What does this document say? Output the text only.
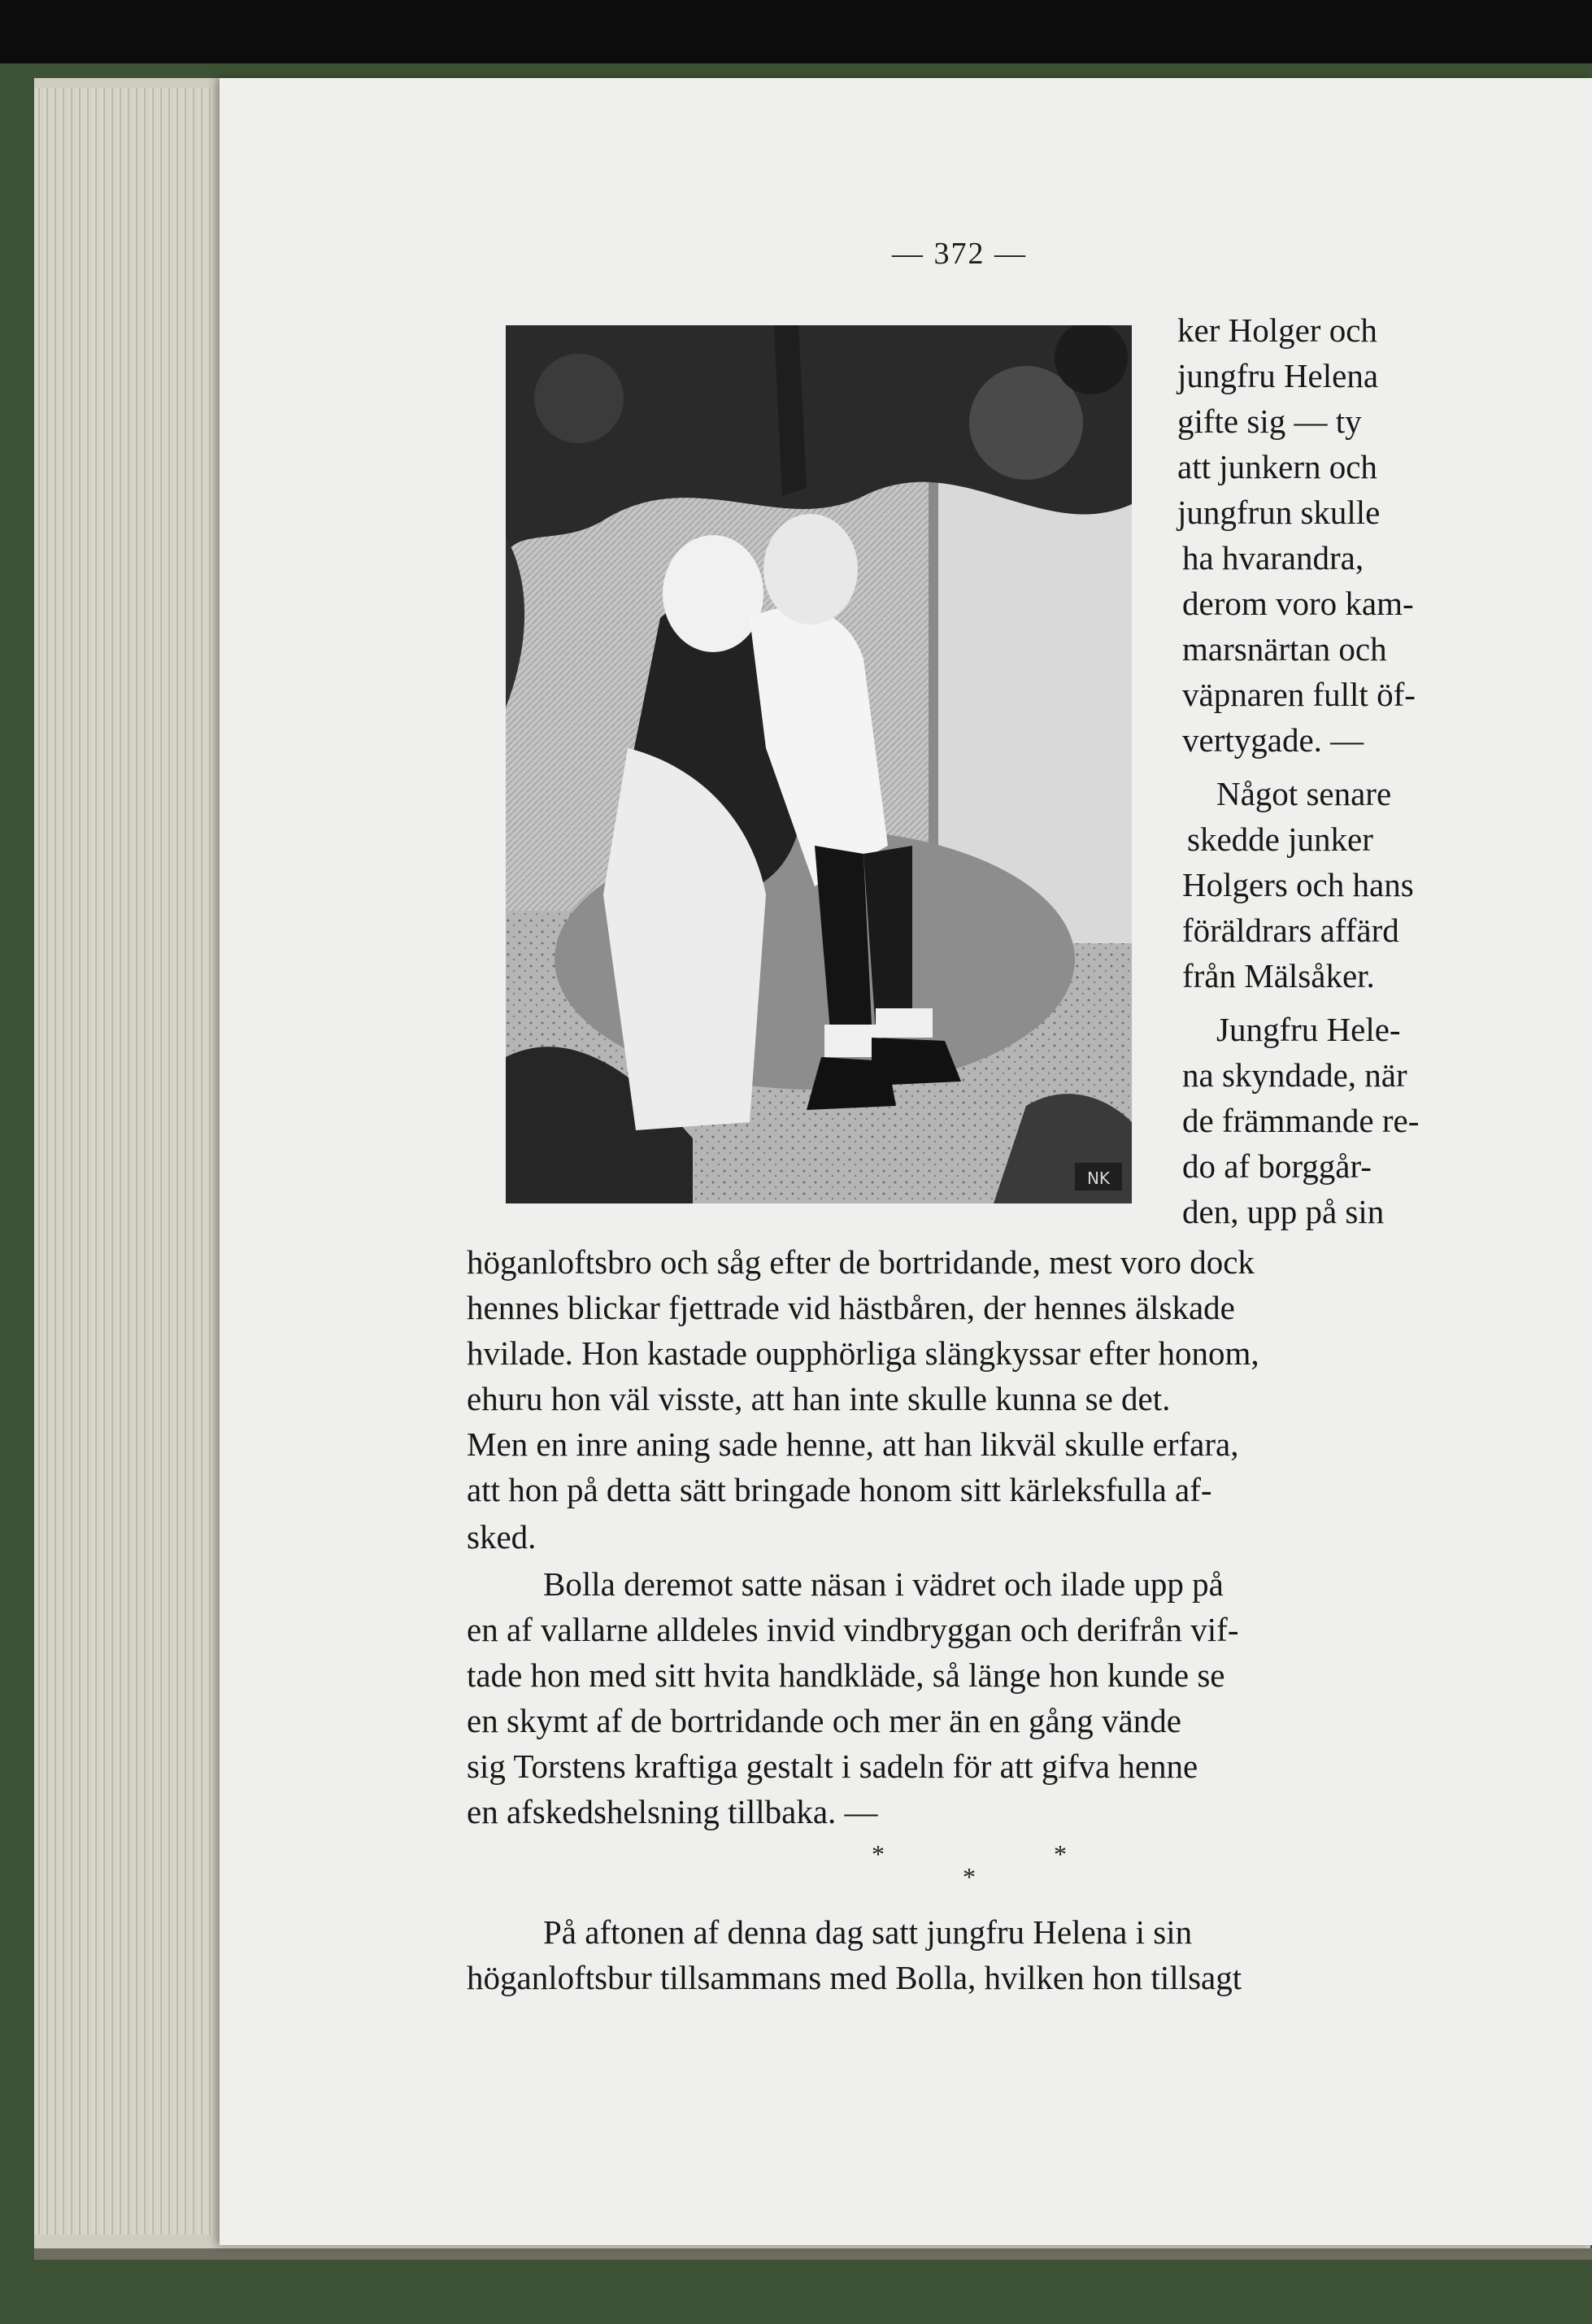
— 372 —
NK
ker Holger och
jungfru Helena
gifte sig — ty
att junkern och
jungfrun skulle
ha hvarandra,
derom voro kam-
marsnärtan och
väpnaren fullt öf-
vertygade. —
Något senare
skedde junker
Holgers och hans
föräldrars affärd
från Mälsåker.
Jungfru Hele-
na skyndade, när
de främmande re-
do af borggår-
den, upp på sin
höganloftsbro och såg efter de bortridande, mest voro dock
hennes blickar fjettrade vid hästbåren, der hennes älskade
hvilade. Hon kastade oupphörliga slängkyssar efter honom,
ehuru hon väl visste, att han inte skulle kunna se det.
Men en inre aning sade henne, att han likväl skulle erfara,
att hon på detta sätt bringade honom sitt kärleksfulla af-
sked.
Bolla deremot satte näsan i vädret och ilade upp på
en af vallarne alldeles invid vindbryggan och derifrån vif-
tade hon med sitt hvita handkläde, så länge hon kunde se
en skymt af de bortridande och mer än en gång vände
sig Torstens kraftiga gestalt i sadeln för att gifva henne
en afskedshelsning tillbaka. —
*	*
*
På aftonen af denna dag satt jungfru Helena i sin
höganloftsbur tillsammans med Bolla, hvilken hon tillsagt
